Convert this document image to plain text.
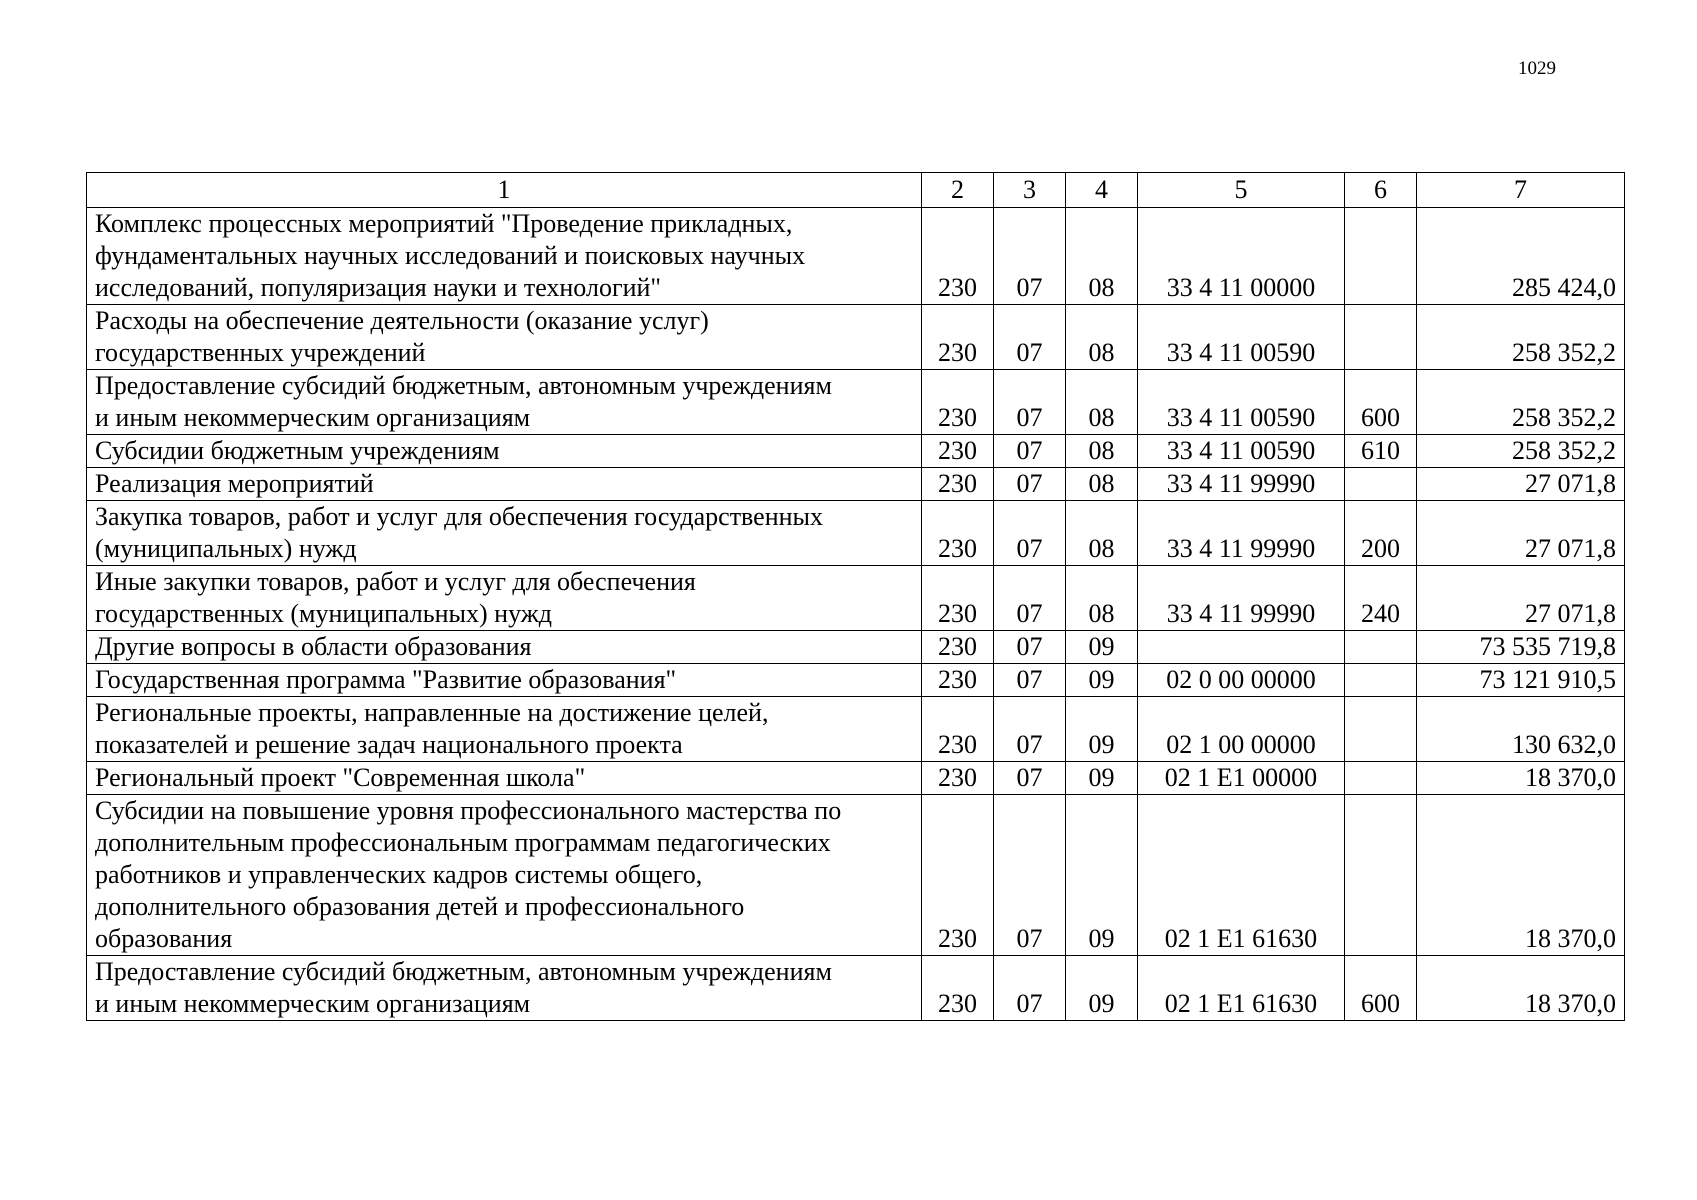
1029
1	2	3	4	5	6	7
Комплекс процессных мероприятий "Проведение прикладных,
фундаментальных научных исследований и поисковых научных
исследований, популяризация науки и технологий"	230	07	08	33 4 11 00000		285 424,0
Расходы на обеспечение деятельности (оказание услуг)
государственных учреждений	230	07	08	33 4 11 00590		258 352,2
Предоставление субсидий бюджетным, автономным учреждениям
и иным некоммерческим организациям	230	07	08	33 4 11 00590	600	258 352,2
Субсидии бюджетным учреждениям	230	07	08	33 4 11 00590	610	258 352,2
Реализация мероприятий	230	07	08	33 4 11 99990		27 071,8
Закупка товаров, работ и услуг для обеспечения государственных
(муниципальных) нужд	230	07	08	33 4 11 99990	200	27 071,8
Иные закупки товаров, работ и услуг для обеспечения
государственных (муниципальных) нужд	230	07	08	33 4 11 99990	240	27 071,8
Другие вопросы в области образования	230	07	09			73 535 719,8
Государственная программа "Развитие образования"	230	07	09	02 0 00 00000		73 121 910,5
Региональные проекты, направленные на достижение целей,
показателей и решение задач национального проекта	230	07	09	02 1 00 00000		130 632,0
Региональный проект "Современная школа"	230	07	09	02 1 E1 00000		18 370,0
Субсидии на повышение уровня профессионального мастерства по
дополнительным профессиональным программам педагогических
работников и управленческих кадров системы общего,
дополнительного образования детей и профессионального
образования	230	07	09	02 1 E1 61630		18 370,0
Предоставление субсидий бюджетным, автономным учреждениям
и иным некоммерческим организациям	230	07	09	02 1 E1 61630	600	18 370,0
